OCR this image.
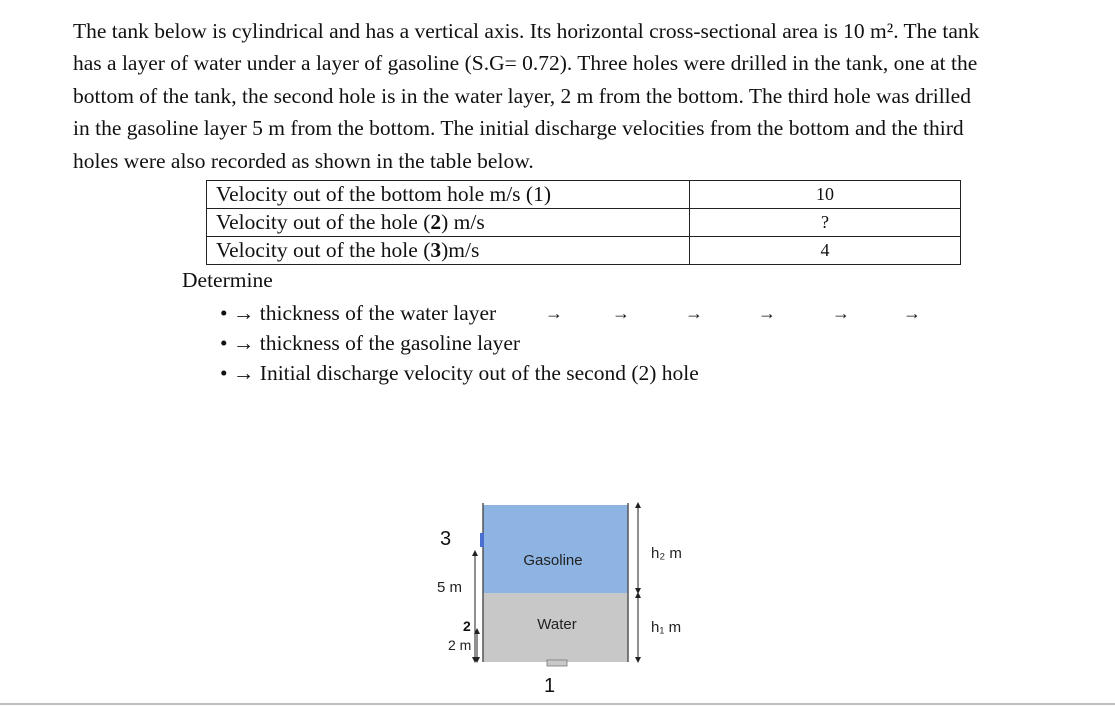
The tank below is cylindrical and has a vertical axis. Its horizontal cross-sectional area is 10 m². The tank
has a layer of water under a layer of gasoline (S.G= 0.72). Three holes were drilled in the tank, one at the
bottom of the tank, the second hole is in the water layer, 2 m from the bottom. The third hole was drilled
in the gasoline layer 5 m from the bottom. The initial discharge velocities from the bottom and the third
holes were also recorded as shown in the table below.
Velocity out of the bottom hole m/s (1)	10
Velocity out of the hole (2) m/s	?
Velocity out of the hole (3)m/s	4
Determine
• → thickness of the water layer
• → thickness of the gasoline layer
• → Initial discharge velocity out of the second (2) hole
→	→	→	→	→	→
Gasoline
Water
3
5 m
2
2 m
h₂ m
h₁ m
1
